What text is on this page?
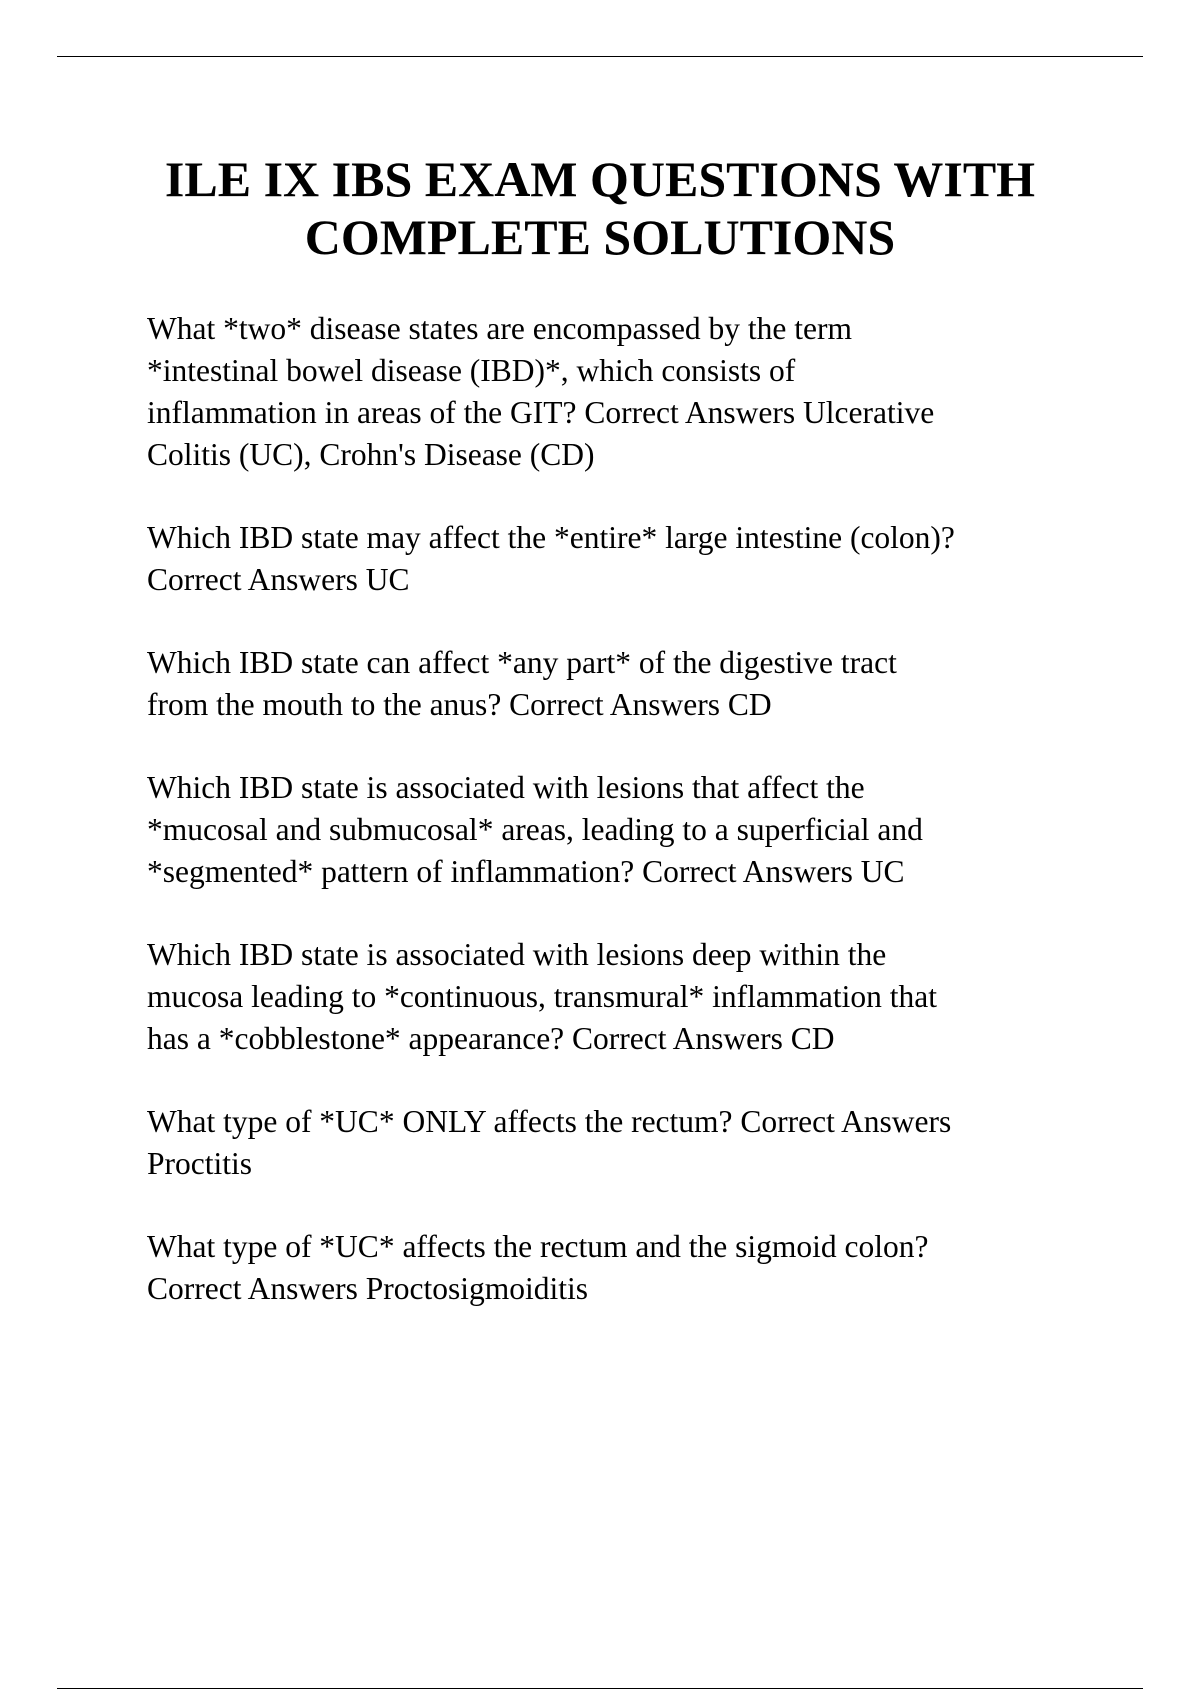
ILE IX IBS EXAM QUESTIONS WITH
COMPLETE SOLUTIONS
What *two* disease states are encompassed by the term
*intestinal bowel disease (IBD)*, which consists of
inflammation in areas of the GIT? Correct Answers Ulcerative
Colitis (UC), Crohn's Disease (CD)
Which IBD state may affect the *entire* large intestine (colon)?
Correct Answers UC
Which IBD state can affect *any part* of the digestive tract
from the mouth to the anus? Correct Answers CD
Which IBD state is associated with lesions that affect the
*mucosal and submucosal* areas, leading to a superficial and
*segmented* pattern of inflammation? Correct Answers UC
Which IBD state is associated with lesions deep within the
mucosa leading to *continuous, transmural* inflammation that
has a *cobblestone* appearance? Correct Answers CD
What type of *UC* ONLY affects the rectum? Correct Answers
Proctitis
What type of *UC* affects the rectum and the sigmoid colon?
Correct Answers Proctosigmoiditis
